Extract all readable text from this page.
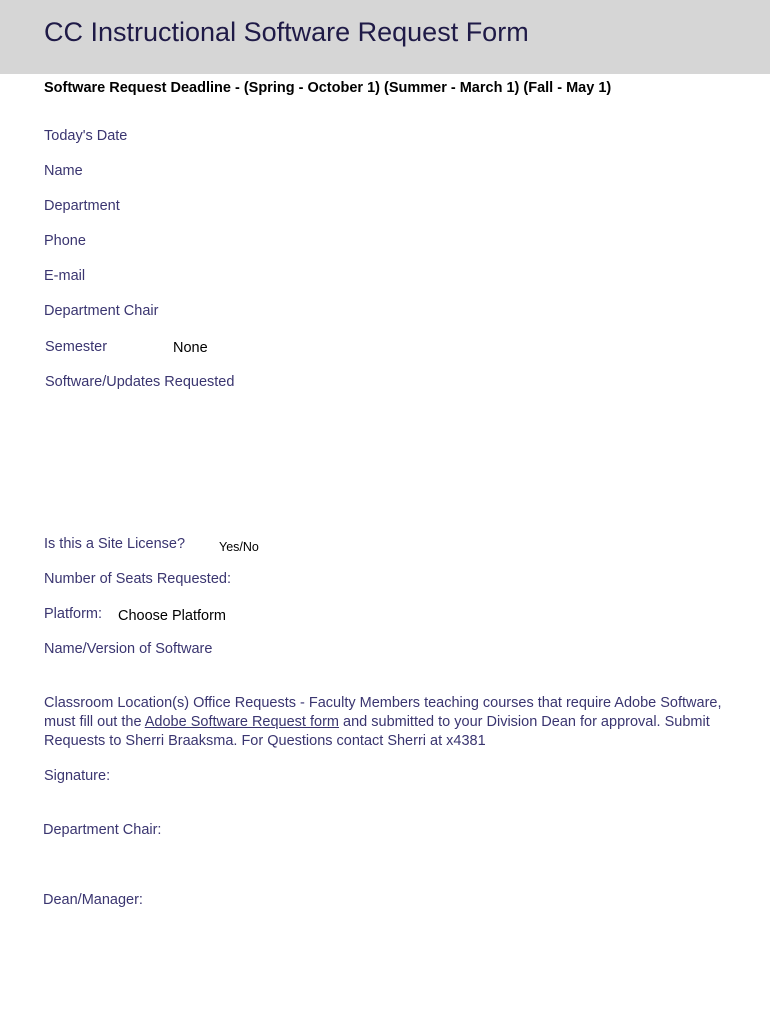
CC Instructional Software Request Form
Software Request Deadline - (Spring - October 1) (Summer - March 1) (Fall - May 1)
Today's Date
Name
Department
Phone
E-mail
Department Chair
Semester	None
Software/Updates Requested
Is this a Site License?	Yes/No
Number of Seats Requested:
Platform: Choose Platform
Name/Version of Software
Classroom Location(s) Office Requests - Faculty Members teaching courses that require Adobe Software, must fill out the Adobe Software Request form and submitted to your Division Dean for approval. Submit Requests to Sherri Braaksma. For Questions contact Sherri at x4381
Signature:
Department Chair:
Dean/Manager:
